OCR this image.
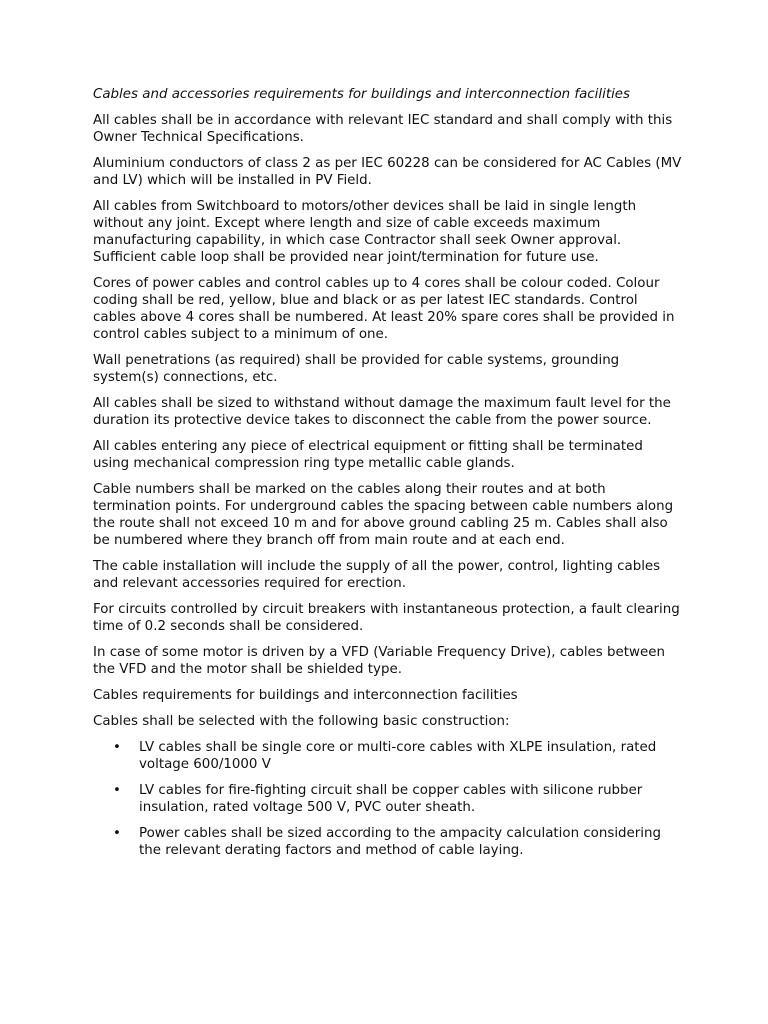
Cables and accessories requirements for buildings and interconnection facilities

All cables shall be in accordance with relevant IEC standard and shall comply with this Owner Technical Specifications.

Aluminium conductors of class 2 as per IEC 60228 can be considered for AC Cables (MV and LV) which will be installed in PV Field.

All cables from Switchboard to motors/other devices shall be laid in single length without any joint. Except where length and size of cable exceeds maximum manufacturing capability, in which case Contractor shall seek Owner approval. Sufficient cable loop shall be provided near joint/termination for future use.

Cores of power cables and control cables up to 4 cores shall be colour coded. Colour coding shall be red, yellow, blue and black or as per latest IEC standards. Control cables above 4 cores shall be numbered. At least 20% spare cores shall be provided in control cables subject to a minimum of one.

Wall penetrations (as required) shall be provided for cable systems, grounding system(s) connections, etc.

All cables shall be sized to withstand without damage the maximum fault level for the duration its protective device takes to disconnect the cable from the power source.

All cables entering any piece of electrical equipment or fitting shall be terminated using mechanical compression ring type metallic cable glands.

Cable numbers shall be marked on the cables along their routes and at both termination points. For underground cables the spacing between cable numbers along the route shall not exceed 10 m and for above ground cabling 25 m. Cables shall also be numbered where they branch off from main route and at each end.

The cable installation will include the supply of all the power, control, lighting cables and relevant accessories required for erection.

For circuits controlled by circuit breakers with instantaneous protection, a fault clearing time of 0.2 seconds shall be considered.

In case of some motor is driven by a VFD (Variable Frequency Drive), cables between the VFD and the motor shall be shielded type.

Cables requirements for buildings and interconnection facilities

Cables shall be selected with the following basic construction:

• LV cables shall be single core or multi-core cables with XLPE insulation, rated voltage 600/1000 V
• LV cables for fire-fighting circuit shall be copper cables with silicone rubber insulation, rated voltage 500 V, PVC outer sheath.
• Power cables shall be sized according to the ampacity calculation considering the relevant derating factors and method of cable laying.
